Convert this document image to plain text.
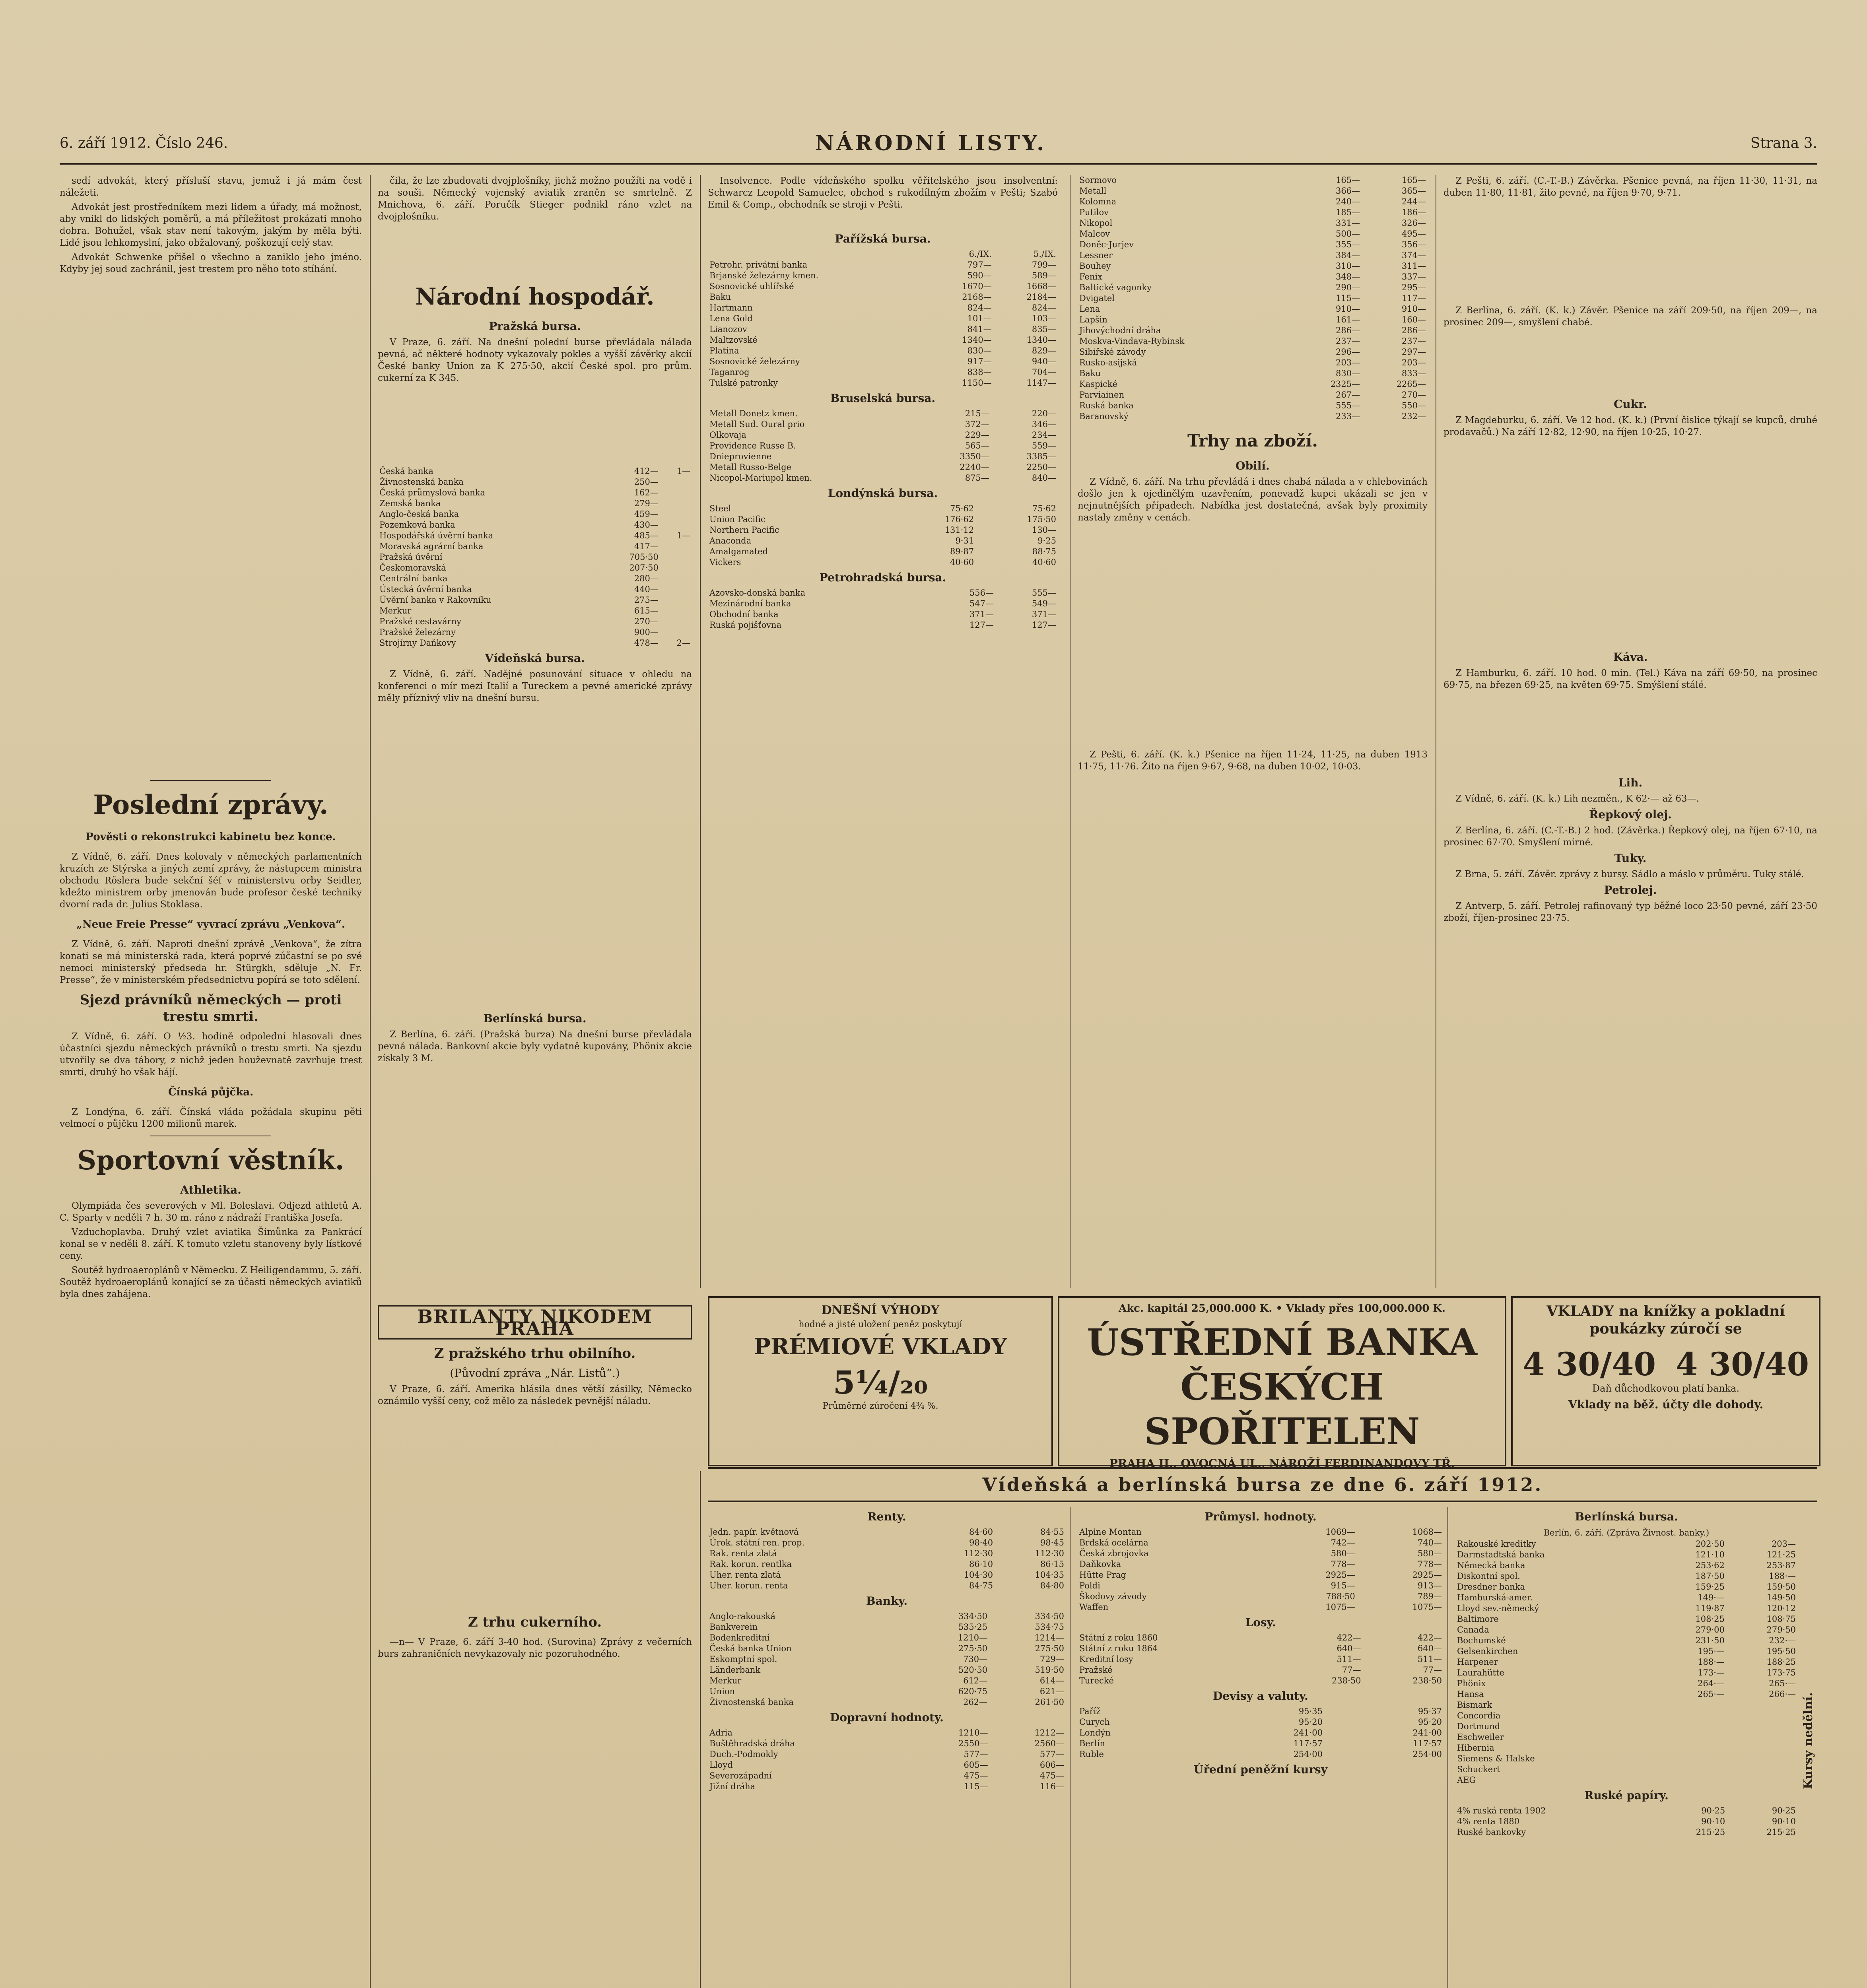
6. září 1912. Číslo 246.	NÁRODNÍ LISTY.	Strana 3.

sedí advokát, který přísluší stavu, jemuž i já mám čest náležeti.

Advokát jest prostředníkem mezi lidem a úřady, má možnost, aby vnikl do lidských poměrů, a má příležitost prokázati mnoho dobra. Bohužel, však stav není takovým, jakým by měla býti. Lidé jsou lehkomyslní, jako obžalovaný, poškozují celý stav.

Advokát Schwenke přišel o všechno a zaniklo jeho jméno. Kdyby jej soud zachránil, jest trestem pro něho toto stíhání.

Poslední zprávy.
Pověsti o rekonstrukci kabinetu bez konce.

Z Vídně, 6. září. Dnes kolovaly v německých parlamentních kruzích ze Stýrska a jiných zemí zprávy, že nástupcem ministra obchodu Röslera bude sekční šéf v ministerstvu orby Seidler, kdežto ministrem orby jmenován bude profesor české techniky dvorní rada dr. Julius Stoklasa.

„Neue Freie Presse“ vyvrací zprávu „Venkova“.

Z Vídně, 6. září. Naproti dnešní zprávě „Venkova“, že zítra konati se má ministerská rada, která poprvé zúčastní se po své nemoci ministerský předseda hr. Stürgkh, sděluje „N. Fr. Presse“, že v ministerském předsednictvu popírá se toto sdělení.

Sjezd právníků německých — proti trestu smrti.

Z Vídně, 6. září. O ½3. hodině odpolední hlasovali dnes účastníci sjezdu německých právníků o trestu smrti. Na sjezdu utvořily se dva tábory, z nichž jeden houževnatě zavrhuje trest smrti, druhý ho však hájí.

Čínská půjčka.

Z Londýna, 6. září. Čínská vláda požádala skupinu pěti velmocí o půjčku 1200 milionů marek.

Sportovní věstník.
Athletika.

Olympiáda čes severových v Ml. Boleslavi. Odjezd athletů A. C. Sparty v neděli 7 h. 30 m. ráno z nádraží Františka Josefa.

Vzduchoplavba. Druhý vzlet aviatika Šimůnka za Pankrácí konal se v neděli 8. září. K tomuto vzletu stanoveny byly lístkové ceny.

Soutěž hydroaeroplánů v Německu. Z Heiligendammu, 5. září. Soutěž hydroaeroplánů konající se za účasti německých aviatiků byla dnes zahájena.

čila, že lze zbudovati dvojplošníky, jichž možno použíti na vodě i na souši. Německý vojenský aviatik zraněn se smrtelně. Z Mnichova, 6. září. Poručík Stieger podnikl ráno vzlet na dvojplošníku.

Národní hospodář.
Pražská bursa.

V Praze, 6. září. Na dnešní polední burse převládala nálada pevná, ač některé hodnoty vykazovaly pokles a vyšší závěrky akcií České banky Union za K 275·50, akcií České spol. pro prům. cukerní za K 345.

Česká banka	412—	1—
Živnostenská banka	250—	
Česká průmyslová banka	162—	
Zemská banka	279—	
Anglo-česká banka	459—	
Pozemková banka	430—	
Hospodářská úvěrní banka	485—	1—
Moravská agrární banka	417—	
Pražská úvěrní	705·50	
Českomoravská	207·50	
Centrální banka	280—	
Ústecká úvěrní banka	440—	
Úvěrní banka v Rakovníku	275—	
Merkur	615—	
Pražské cestavárny	270—	
Pražské železárny	900—	
Strojírny Daňkovy	478—	2—
Vídeňská bursa.

Z Vídně, 6. září. Nadějné posunování situace v ohledu na konferenci o mír mezi Italií a Tureckem a pevné americké zprávy měly příznivý vliv na dnešní bursu.

Berlínská bursa.

Z Berlína, 6. září. (Pražská burza) Na dnešní burse převládala pevná nálada. Bankovní akcie byly vydatně kupovány, Phönix akcie získaly 3 M.

BRILANTY NIKODEM PRAHA
Z pražského trhu obilního.
(Původní zpráva „Nár. Listů“.)

V Praze, 6. září. Amerika hlásila dnes větší zásilky, Německo oznámilo vyšší ceny, což mělo za následek pevnější náladu.

Z trhu cukerního.

—n— V Praze, 6. září 3-40 hod. (Surovina) Zprávy z večerních burs zahraničních nevykazovaly nic pozoruhodného.

Insolvence. Podle vídeňského spolku věřitelského jsou insolventní: Schwarcz Leopold Samuelec, obchod s rukodílným zbožím v Pešti; Szabó Emil & Comp., obchodník se stroji v Pešti.

Pařížská bursa.
	6./IX.	5./IX.
Petrohr. privátní banka	797—	799—
Brjanské železárny kmen.	590—	589—
Sosnovické uhlířské	1670—	1668—
Baku	2168—	2184—
Hartmann	824—	824—
Lena Gold	101—	103—
Lianozov	841—	835—
Maltzovské	1340—	1340—
Platina	830—	829—
Sosnovické železárny	917—	940—
Taganrog	838—	704—
Tulské patronky	1150—	1147—
Bruselská bursa.
Metall Donetz kmen.	215—	220—
Metall Sud. Oural prio	372—	346—
Olkovaja	229—	234—
Providence Russe B.	565—	559—
Dnieprovienne	3350—	3385—
Metall Russo-Belge	2240—	2250—
Nicopol-Mariupol kmen.	875—	840—
Londýnská bursa.
Steel	75·62	75·62
Union Pacific	176·62	175·50
Northern Pacific	131·12	130—
Anaconda	9·31	9·25
Amalgamated	89·87	88·75
Vickers	40·60	40·60
Petrohradská bursa.
Azovsko-donská banka	556—	555—
Mezinárodní banka	547—	549—
Obchodní banka	371—	371—
Ruská pojišťovna	127—	127—
Sormovo	165—	165—
Metall	366—	365—
Kolomna	240—	244—
Putilov	185—	186—
Nikopol	331—	326—
Malcov	500—	495—
Doněc-Jurjev	355—	356—
Lessner	384—	374—
Bouhey	310—	311—
Fenix	348—	337—
Baltické vagonky	290—	295—
Dvigatel	115—	117—
Lena	910—	910—
Lapšin	161—	160—
Jihovýchodní dráha	286—	286—
Moskva-Vindava-Rybinsk	237—	237—
Sibiřské závody	296—	297—
Rusko-asijská	203—	203—
Baku	830—	833—
Kaspické	2325—	2265—
Parviainen	267—	270—
Ruská banka	555—	550—
Baranovský	233—	232—
Trhy na zboží.
Obilí.

Z Vídně, 6. září. Na trhu převládá i dnes chabá nálada a v chlebovinách došlo jen k ojedinělým uzavřením, ponevadž kupci ukázali se jen v nejnutnějších případech. Nabídka jest dostatečná, avšak byly proximity nastaly změny v cenách.

Z Pešti, 6. září. (K. k.) Pšenice na říjen 11·24, 11·25, na duben 1913 11·75, 11·76. Žito na říjen 9·67, 9·68, na duben 10·02, 10·03.

Z Pešti, 6. září. (C.-T.-B.) Závěrka. Pšenice pevná, na říjen 11·30, 11·31, na duben 11·80, 11·81, žito pevné, na říjen 9·70, 9·71.

Z Berlína, 6. září. (K. k.) Závěr. Pšenice na září 209·50, na říjen 209—, na prosinec 209—, smyšlení chabé.

Cukr.

Z Magdeburku, 6. září. Ve 12 hod. (K. k.) (První čislice týkají se kupců, druhé prodavačů.) Na září 12·82, 12·90, na říjen 10·25, 10·27.

Káva.

Z Hamburku, 6. září. 10 hod. 0 min. (Tel.) Káva na září 69·50, na prosinec 69·75, na březen 69·25, na květen 69·75. Smýšlení stálé.

Lih.

Z Vídně, 6. září. (K. k.) Lih nezměn., K 62·— až 63—.

Řepkový olej.

Z Berlína, 6. září. (C.-T.-B.) 2 hod. (Závěrka.) Řepkový olej, na říjen 67·10, na prosinec 67·70. Smyšlení mírné.

Tuky.

Z Brna, 5. září. Závěr. zprávy z bursy. Sádlo a máslo v průměru. Tuky stálé.

Petrolej.

Z Antverp, 5. září. Petrolej rafinovaný typ běžné loco 23·50 pevné, září 23·50 zboží, říjen-prosinec 23·75.

DNEŠNÍ VÝHODY
hodné a jisté uložení peněz poskytují
PRÉMIOVÉ VKLADY
5¼/₂₀
Průměrné zúročení 4¾ %.
Akc. kapitál 25,000.000 K. • Vklady přes 100,000.000 K.
ÚSTŘEDNÍ BANKA ČESKÝCH SPOŘITELEN
PRAHA II., OVOCNÁ UL., NÁROŽÍ FERDINANDOVY TŘ.
VKLADY na knížky a pokladní poukázky zúročí se
4 30/40 4 30/40
Daň důchodkovou platí banka.
Vklady na běž. účty dle dohody.
Vídeňská a berlínská bursa ze dne 6. září 1912.
Renty.
Jedn. papír. květnová	84·60	84·55
Úrok. státní ren. prop.	98·40	98·45
Rak. renta zlatá	112·30	112·30
Rak. korun. rentlka	86·10	86·15
Uher. renta zlatá	104·30	104·35
Uher. korun. renta	84·75	84·80
Banky.
Anglo-rakouská	334·50	334·50
Bankverein	535·25	534·75
Bodenkreditní	1210—	1214—
Česká banka Union	275·50	275·50
Eskomptní spol.	730—	729—
Länderbank	520·50	519·50
Merkur	612—	614—
Union	620·75	621—
Živnostenská banka	262—	261·50
Dopravní hodnoty.
Adria	1210—	1212—
Buštěhradská dráha	2550—	2560—
Duch.-Podmokly	577—	577—
Lloyd	605—	606—
Severozápadní	475—	475—
Jižní dráha	115—	116—
Průmysl. hodnoty.
Alpine Montan	1069—	1068—
Brdská ocelárna	742—	740—
Česká zbrojovka	580—	580—
Daňkovka	778—	778—
Hütte Prag	2925—	2925—
Poldi	915—	913—
Škodovy závody	788·50	789—
Waffen	1075—	1075—
Losy.
Státní z roku 1860	422—	422—
Státní z roku 1864	640—	640—
Kreditní losy	511—	511—
Pražské	77—	77—
Turecké	238·50	238·50
Devisy a valuty.
Paříž	95·35	95·37
Curych	95·20	95·20
Londýn	241·00	241·00
Berlín	117·57	117·57
Ruble	254·00	254·00
Úřední peněžní kursy
Berlínská bursa.
Berlín, 6. září. (Zpráva Živnost. banky.)
Rakouské kreditky	202·50	203—
Darmstadtská banka	121·10	121·25
Německá banka	253·62	253·87
Diskontní spol.	187·50	188·—
Dresdner banka	159·25	159·50
Hamburská-amer.	149·—	149·50
Lloyd sev.-německý	119·87	120·12
Baltimore	108·25	108·75
Canada	279·00	279·50
Bochumské	231·50	232·—
Gelsenkirchen	195·—	195·50
Harpener	188·—	188·25
Laurahütte	173·—	173·75
Phönix	264·—	265·—
Hansa	265·—	266·—
Bismark		
Concordia		
Dortmund		
Eschweiler		
Hibernia		
Siemens & Halske		
Schuckert		
AEG		
Ruské papíry.
4% ruská renta 1902	90·25	90·25
4% renta 1880	90·10	90·10
Ruské bankovky	215·25	215·25
Kursy nedělní.
